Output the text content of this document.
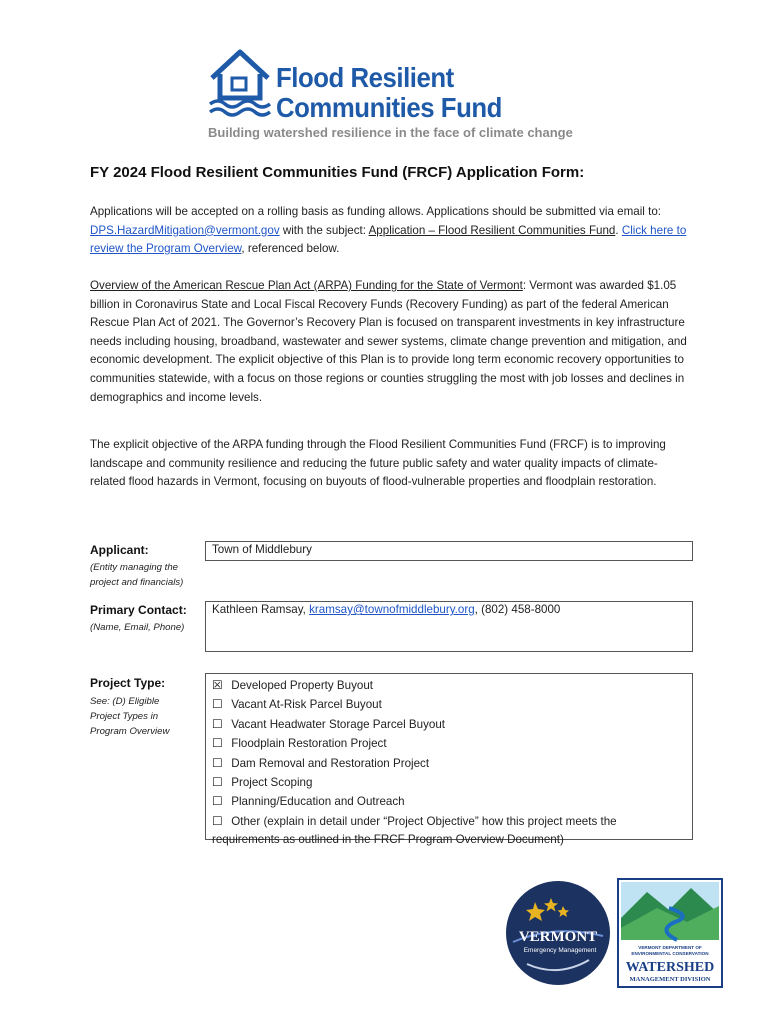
Flood Resilient
Communities Fund
Building watershed resilience in the face of climate change
FY 2024 Flood Resilient Communities Fund (FRCF) Application Form:
Applications will be accepted on a rolling basis as funding allows. Applications should be submitted via email to: DPS.HazardMitigation@vermont.gov with the subject: Application – Flood Resilient Communities Fund. Click here to review the Program Overview, referenced below.
Overview of the American Rescue Plan Act (ARPA) Funding for the State of Vermont: Vermont was awarded $1.05 billion in Coronavirus State and Local Fiscal Recovery Funds (Recovery Funding) as part of the federal American Rescue Plan Act of 2021. The Governor’s Recovery Plan is focused on transparent investments in key infrastructure needs including housing, broadband, wastewater and sewer systems, climate change prevention and mitigation, and economic development. The explicit objective of this Plan is to provide long term economic recovery opportunities to communities statewide, with a focus on those regions or counties struggling the most with job losses and declines in demographics and income levels.
The explicit objective of the ARPA funding through the Flood Resilient Communities Fund (FRCF) is to improving landscape and community resilience and reducing the future public safety and water quality impacts of climate-related flood hazards in Vermont, focusing on buyouts of flood-vulnerable properties and floodplain restoration.
Applicant:
(Entity managing the project and financials)
Town of Middlebury
Primary Contact:
(Name, Email, Phone)
Kathleen Ramsay, kramsay@townofmiddlebury.org, (802) 458-8000
Project Type:
See: (D) Eligible Project Types in Program Overview
☒ Developed Property Buyout
☐ Vacant At-Risk Parcel Buyout
☐ Vacant Headwater Storage Parcel Buyout
☐ Floodplain Restoration Project
☐ Dam Removal and Restoration Project
☐ Project Scoping
☐ Planning/Education and Outreach
☐ Other (explain in detail under “Project Objective” how this project meets the requirements as outlined in the FRCF Program Overview Document)
VERMONT
Emergency Management	VERMONT DEPARTMENT OF
ENVIRONMENTAL CONSERVATION
WATERSHED
MANAGEMENT DIVISION
